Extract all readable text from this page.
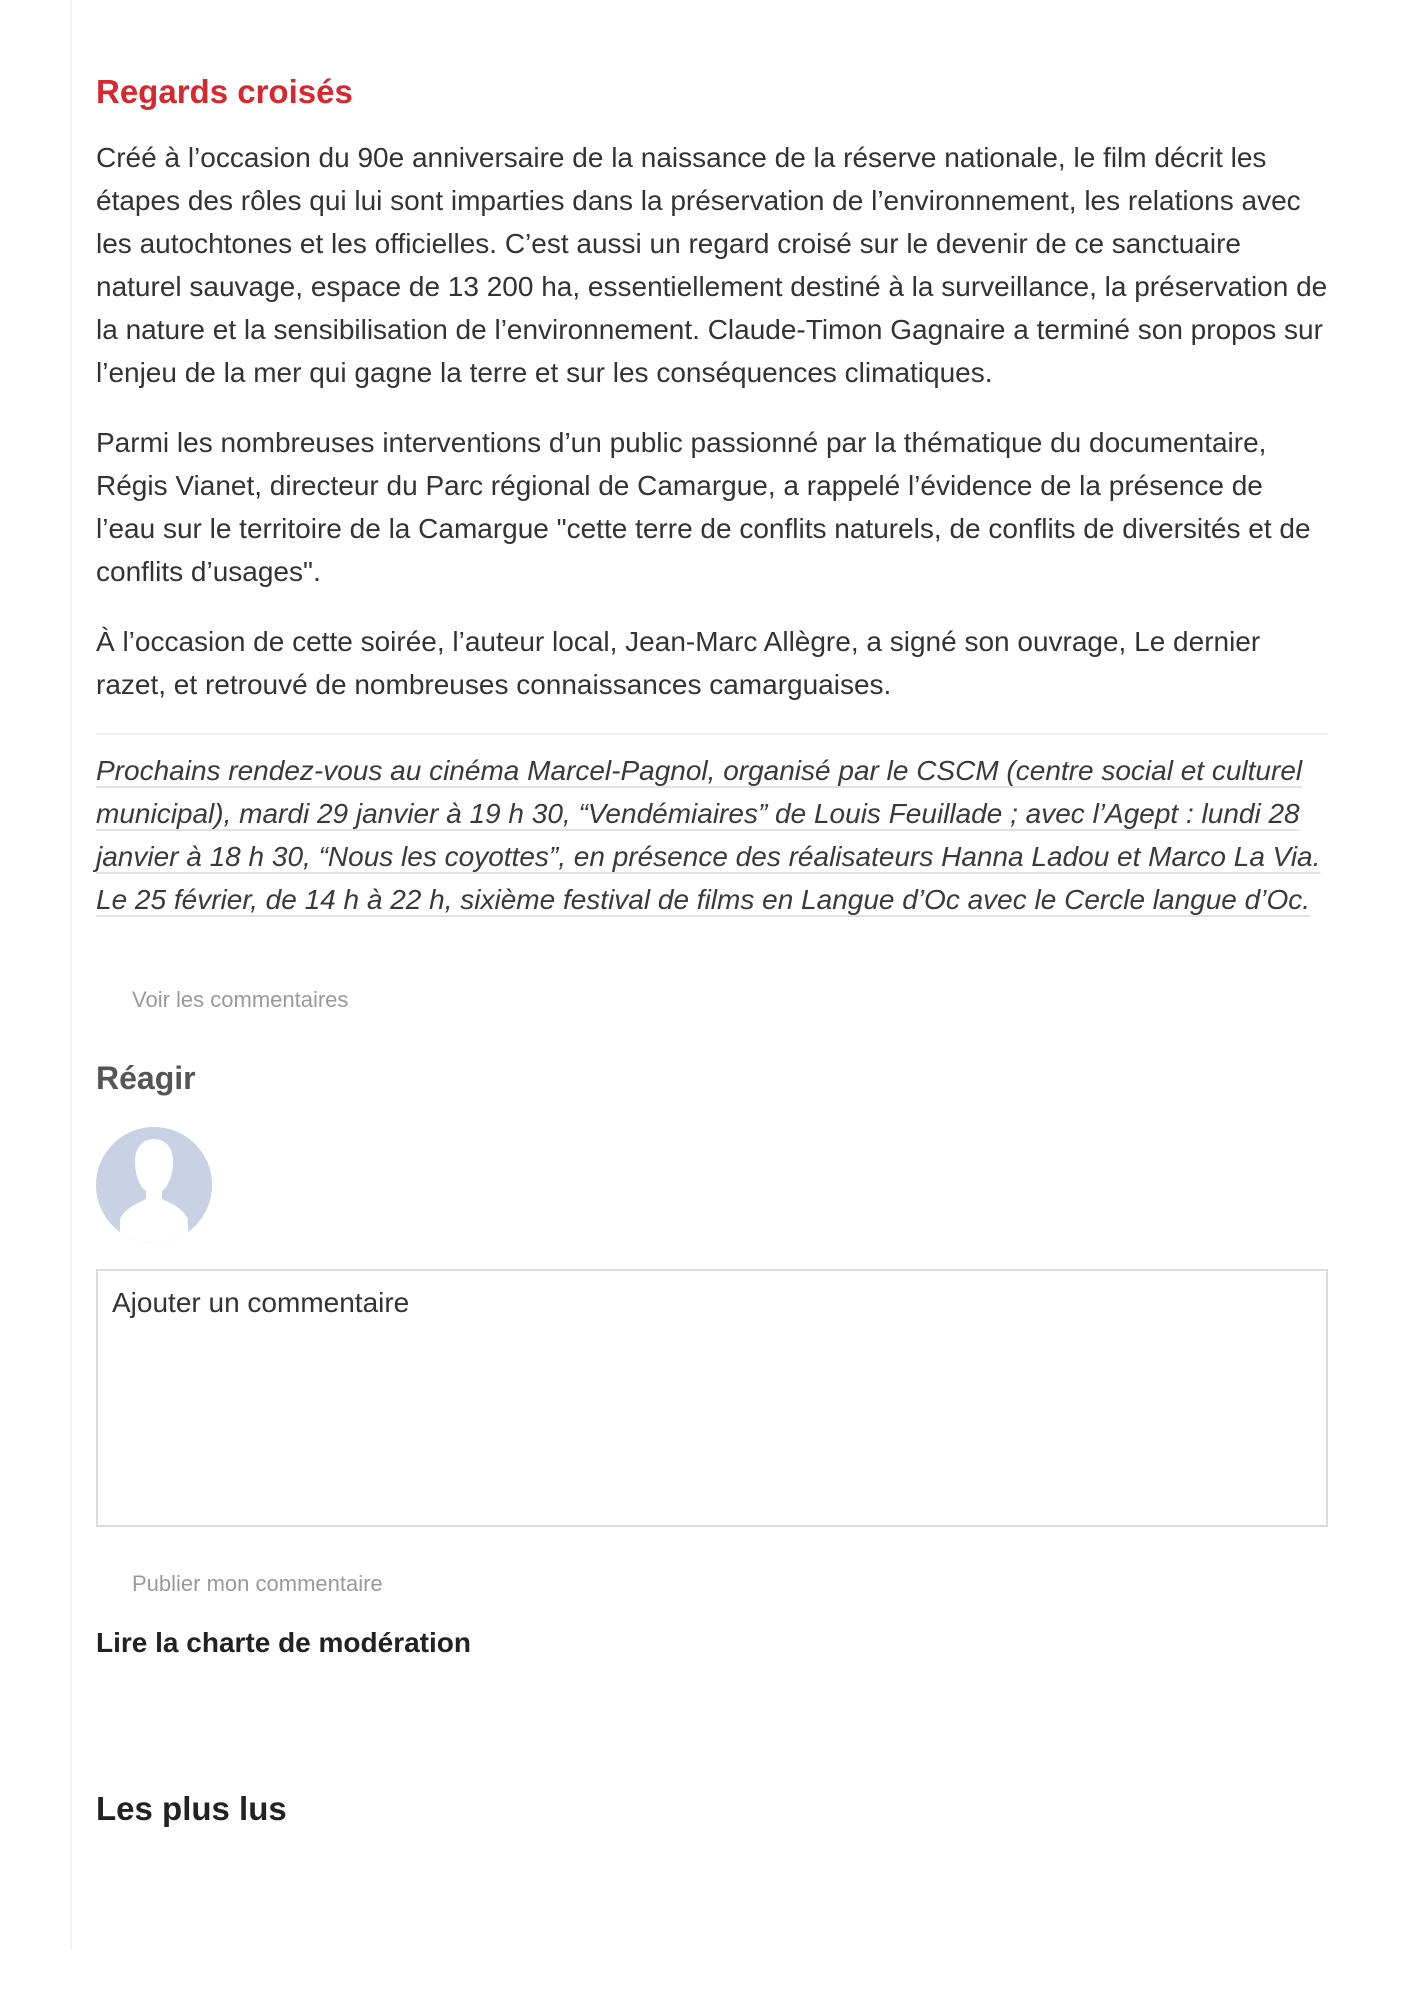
Regards croisés

Créé à l’occasion du 90e anniversaire de la naissance de la réserve nationale, le film décrit les étapes des rôles qui lui sont imparties dans la préservation de l’environnement, les relations avec les autochtones et les officielles. C’est aussi un regard croisé sur le devenir de ce sanctuaire naturel sauvage, espace de 13 200 ha, essentiellement destiné à la surveillance, la préservation de la nature et la sensibilisation de l’environnement. Claude-Timon Gagnaire a terminé son propos sur l’enjeu de la mer qui gagne la terre et sur les conséquences climatiques.

Parmi les nombreuses interventions d’un public passionné par la thématique du documentaire, Régis Vianet, directeur du Parc régional de Camargue, a rappelé l’évidence de la présence de l’eau sur le territoire de la Camargue "cette terre de conflits naturels, de conflits de diversités et de conflits d’usages".

À l’occasion de cette soirée, l’auteur local, Jean-Marc Allègre, a signé son ouvrage, Le dernier razet, et retrouvé de nombreuses connaissances camarguaises.

Prochains rendez-vous au cinéma Marcel-Pagnol, organisé par le CSCM (centre social et culturel municipal), mardi 29 janvier à 19 h 30, “Vendémiaires” de Louis Feuillade ; avec l’Agept : lundi 28 janvier à 18 h 30, “Nous les coyottes”, en présence des réalisateurs Hanna Ladou et Marco La Via. Le 25 février, de 14 h à 22 h, sixième festival de films en Langue d’Oc avec le Cercle langue d’Oc.

Voir les commentaires
Réagir
Ajouter un commentaire Publier mon commentaire
Lire la charte de modération
Les plus lus
